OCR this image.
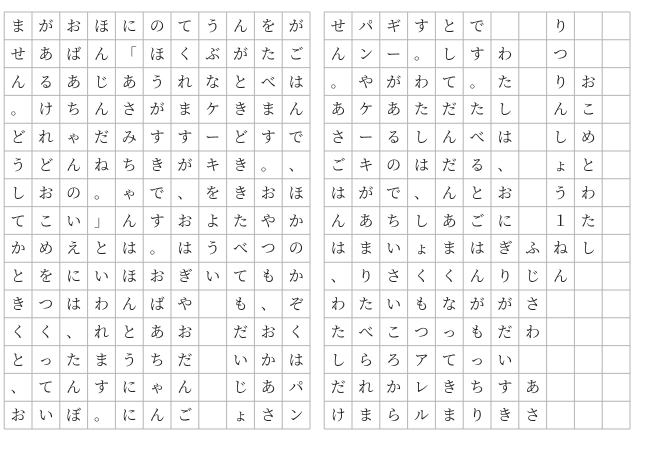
お
こ
め
と
わ
た
し
り
つ
り
ん
し
ょ
う
１
ね
ん
ふ
じ
さ
わ

あ
さ
わ
た
し
は
、
お
に
ぎ
り
が
だ
い
す
き
で
す
。
た
べ
る
と
ご
は
ん
が
も
っ
ち
り
と
し
て
だ
ん
だ
ん
あ
ま
く
な
っ
て
き
ま
す
。
わ
た
し
は
、
し
ょ
く
も
つ
ア
レ
ル
ギ
ー
が
あ
る
の
で
ち
い
さ
い
こ
ろ
か
ら
パ
ン
や
ケ
ー
キ
が
あ
ま
り
た
べ
ら
れ
ま
せ
ん
。
あ
さ
ご
は
ん
は
、
わ
た
し
だ
け
が
ご
は
ん
で
、
ほ
か
の
か
ぞ
く
は
パ
ン
を
た
べ
ま
す
。
お
や
つ
も
、
お
か
あ
さ
ん
が
と
き
ど
き
き
た
べ
て
も
だ
い
じ
ょ
う
ぶ
な
ケ
ー
キ
を
よ
う
い
て
く
れ
ま
す
が
、
お
は
ぎ
や
お
だ
ん
ご
の
ほ
う
が
す
き
で
す
。
お
ば
あ
ち
ゃ
ん
に
「
あ
さ
み
ち
ゃ
ん
は
ほ
ん
と
う
に
に
ほ
ん
じ
ん
だ
ね
。
」
と
い
わ
れ
ま
す
。
お
ば
あ
ち
ゃ
ん
の
い
え
に
は
、
た
ん
ぼ
が
あ
る
け
れ
ど
お
こ
め
を
つ
く
っ
て
い
ま
せ
ん
。
ど
う
し
て
か
と
き
く
と
、
お
